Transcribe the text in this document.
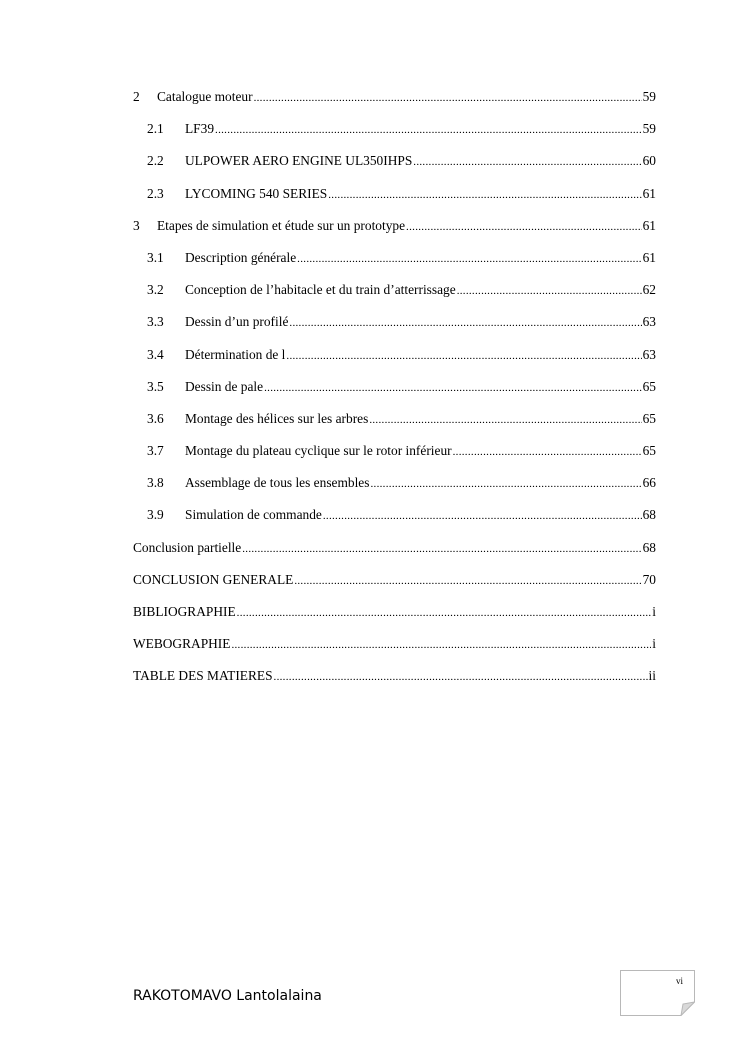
2	Catalogue moteur .....	59
2.1	LF39 .....	59
2.2	ULPOWER AERO ENGINE UL350IHPS .....	60
2.3	LYCOMING 540 SERIES .....	61
3	Etapes de simulation et étude sur un prototype .....	61
3.1	Description générale .....	61
3.2	Conception de l’habitacle et du train d’atterrissage .....	62
3.3	Dessin d’un profilé .....	63
3.4	Détermination de l .....	63
3.5	Dessin de pale .....	65
3.6	Montage des hélices sur les arbres .....	65
3.7	Montage du plateau cyclique sur le rotor inférieur .....	65
3.8	Assemblage de tous les ensembles .....	66
3.9	Simulation de commande .....	68
Conclusion partielle .....	68
CONCLUSION GENERALE .....	70
BIBLIOGRAPHIE .....	i
WEBOGRAPHIE .....	i
TABLE DES MATIERES .....	ii
RAKOTOMAVO Lantolalaina
vi
